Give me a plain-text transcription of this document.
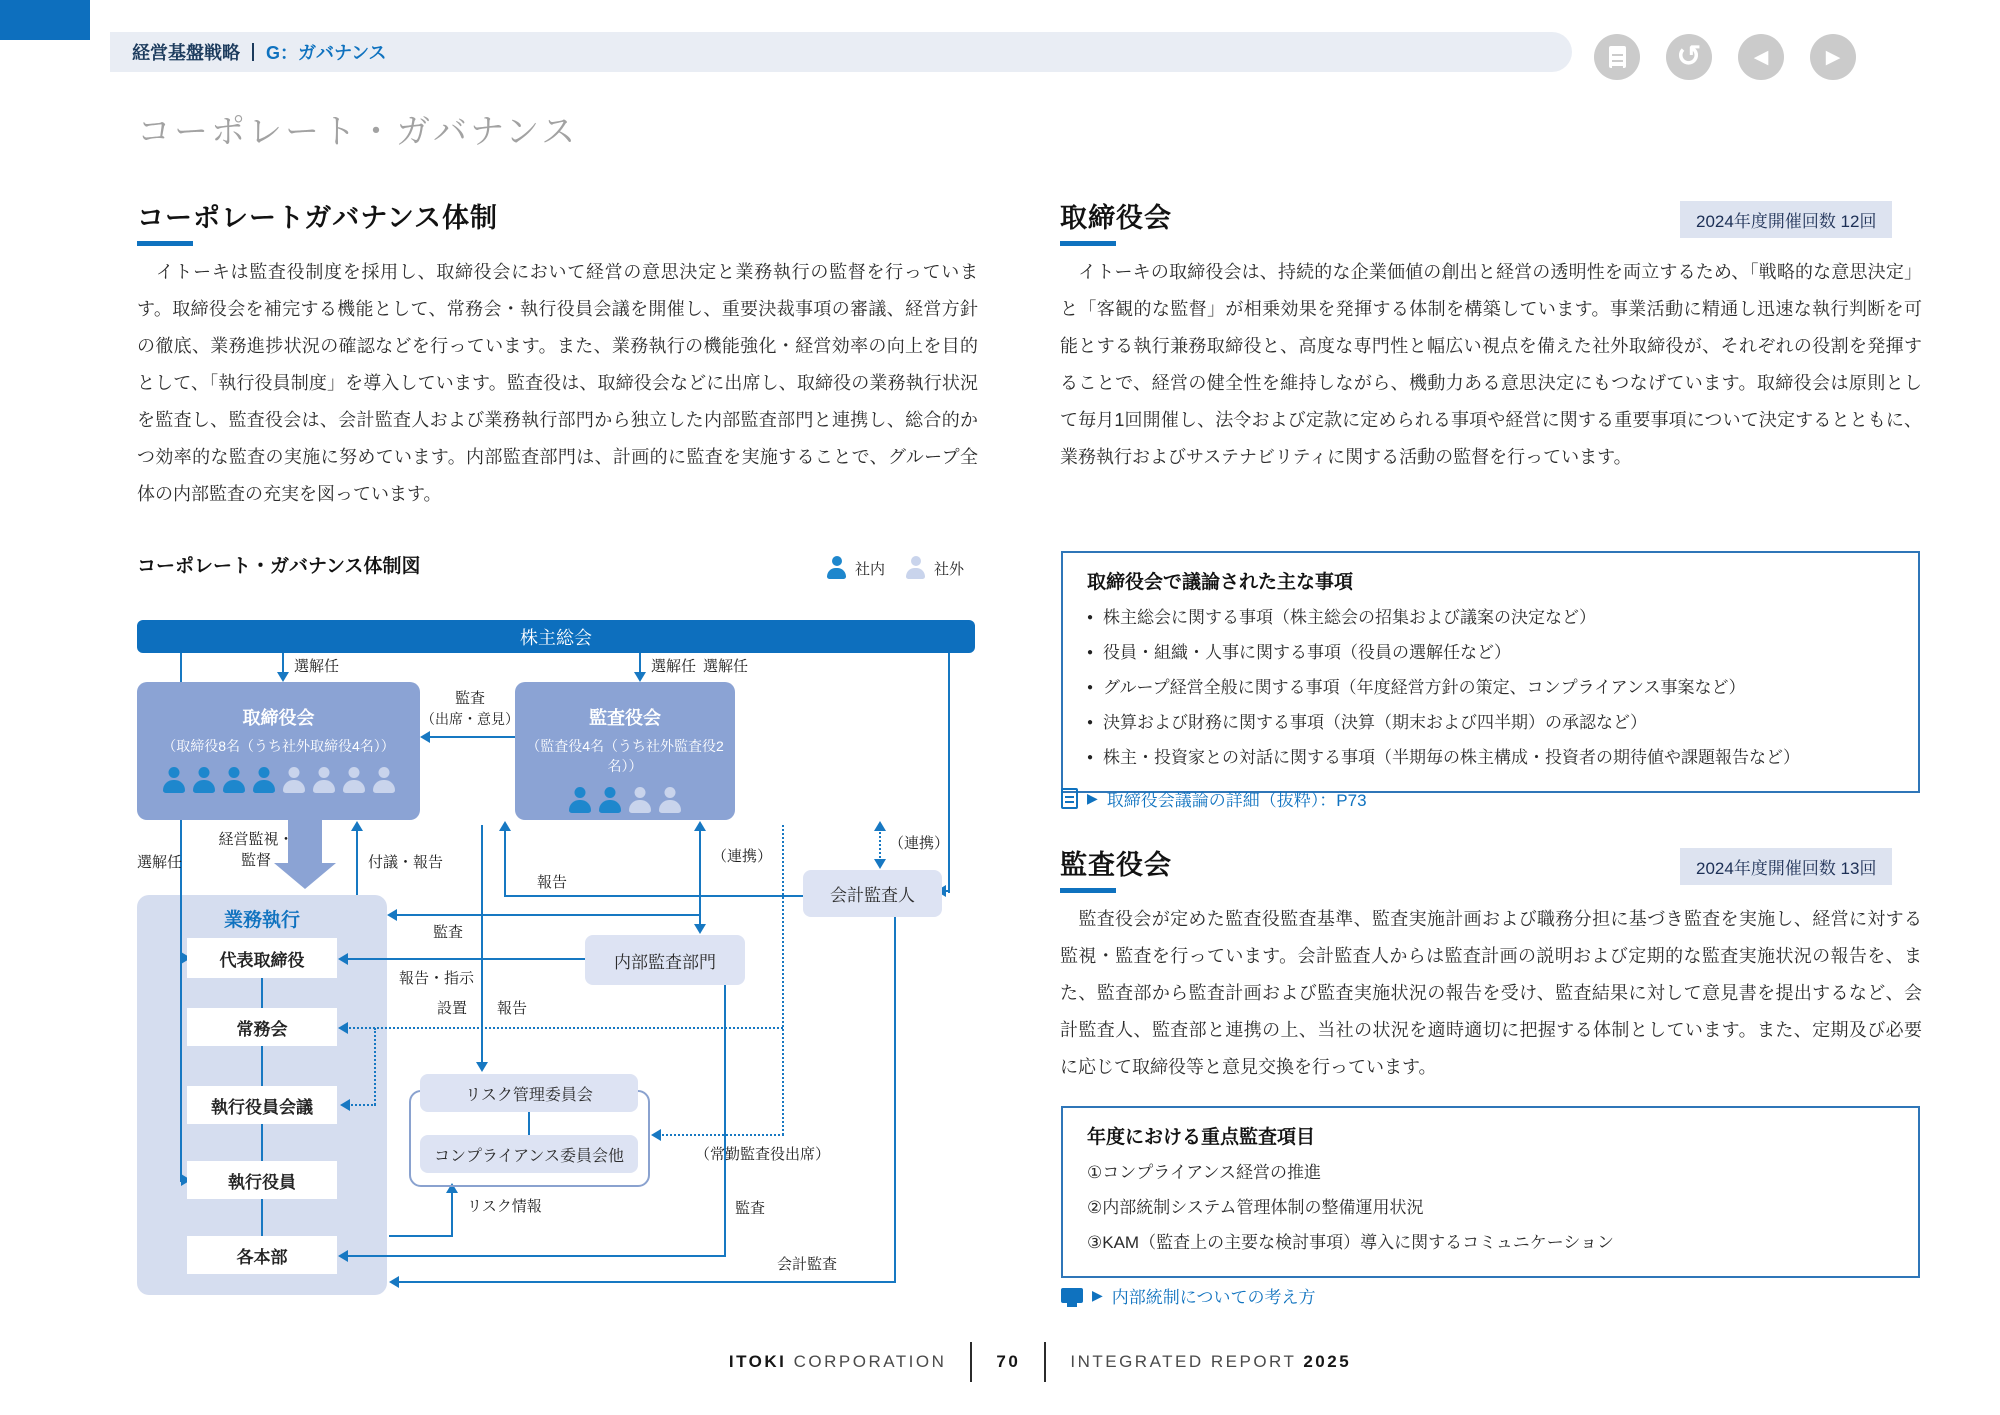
経営基盤戦略 G：ガバナンス	↺	◀	▶
コーポレート・ガバナンス
コーポレートガバナンス体制
　イトーキは監査役制度を採用し、取締役会において経営の意思決定と業務執行の監督を行っています。取締役会を補完する機能として、常務会・執行役員会議を開催し、重要決裁事項の審議、経営方針の徹底、業務進捗状況の確認などを行っています。また、業務執行の機能強化・経営効率の向上を目的として、「執行役員制度」を導入しています。監査役は、取締役会などに出席し、取締役の業務執行状況を監査し、監査役会は、会計監査人および業務執行部門から独立した内部監査部門と連携し、総合的かつ効率的な監査の実施に努めています。内部監査部門は、計画的に監査を実施することで、グループ全体の内部監査の充実を図っています。
コーポレート・ガバナンス体制図	社内	社外
株主総会
取締役会
（取締役8名（うち社外取締役4名））
監査役会
（監査役4名（うち社外監査役2名））
会計監査人
内部監査部門
業務執行
代表取締役
常務会
執行役員会議
執行役員
各本部
リスク管理委員会
コンプライアンス委員会他
選解任	選解任 選解任
選解任
経営監視・
監督
監査
（出席・意見）
付議・報告
報告
（連携）
（連携）
監査
報告・指示
設置 報告
リスク情報
（常勤監査役出席）
監査
会計監査
取締役会	2024年度開催回数 12回
　イトーキの取締役会は、持続的な企業価値の創出と経営の透明性を両立するため、「戦略的な意思決定」と「客観的な監督」が相乗効果を発揮する体制を構築しています。事業活動に精通し迅速な執行判断を可能とする執行兼務取締役と、高度な専門性と幅広い視点を備えた社外取締役が、それぞれの役割を発揮することで、経営の健全性を維持しながら、機動力ある意思決定にもつなげています。取締役会は原則として毎月1回開催し、法令および定款に定められる事項や経営に関する重要事項について決定するとともに、業務執行およびサステナビリティに関する活動の監督を行っています。
取締役会で議論された主な事項
● 株主総会に関する事項（株主総会の招集および議案の決定など）
● 役員・組織・人事に関する事項（役員の選解任など）
● グループ経営全般に関する事項（年度経営方針の策定、コンプライアンス事案など）
● 決算および財務に関する事項（決算（期末および四半期）の承認など）
● 株主・投資家との対話に関する事項（半期毎の株主構成・投資者の期待値や課題報告など）
▶ 取締役会議論の詳細（抜粋）：P73
監査役会	2024年度開催回数 13回
　監査役会が定めた監査役監査基準、監査実施計画および職務分担に基づき監査を実施し、経営に対する監視・監査を行っています。会計監査人からは監査計画の説明および定期的な監査実施状況の報告を、また、監査部から監査計画および監査実施状況の報告を受け、監査結果に対して意見書を提出するなど、会計監査人、監査部と連携の上、当社の状況を適時適切に把握する体制としています。また、定期及び必要に応じて取締役等と意見交換を行っています。
年度における重点監査項目
①コンプライアンス経営の推進
②内部統制システム管理体制の整備運用状況
③KAM（監査上の主要な検討事項）導入に関するコミュニケーション
▶ 内部統制についての考え方
ITOKI CORPORATION	70	INTEGRATED REPORT 2025
